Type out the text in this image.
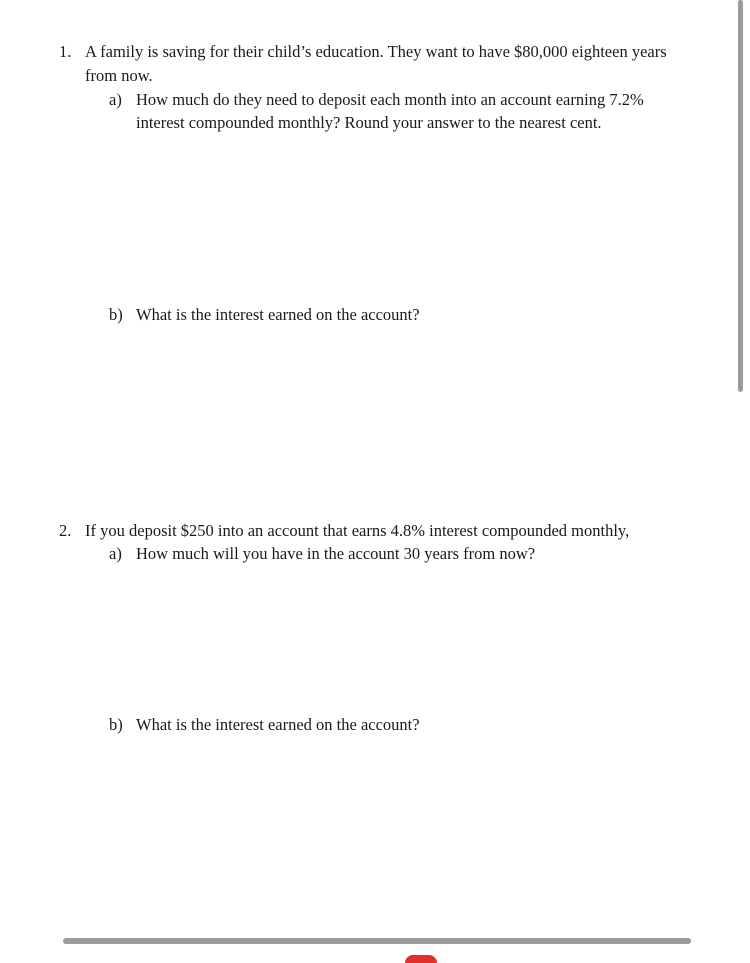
1. A family is saving for their child’s education. They want to have $80,000 eighteen years
from now.
a) How much do they need to deposit each month into an account earning 7.2%
interest compounded monthly? Round your answer to the nearest cent.
b) What is the interest earned on the account?
2. If you deposit $250 into an account that earns 4.8% interest compounded monthly,
a) How much will you have in the account 30 years from now?
b) What is the interest earned on the account?
